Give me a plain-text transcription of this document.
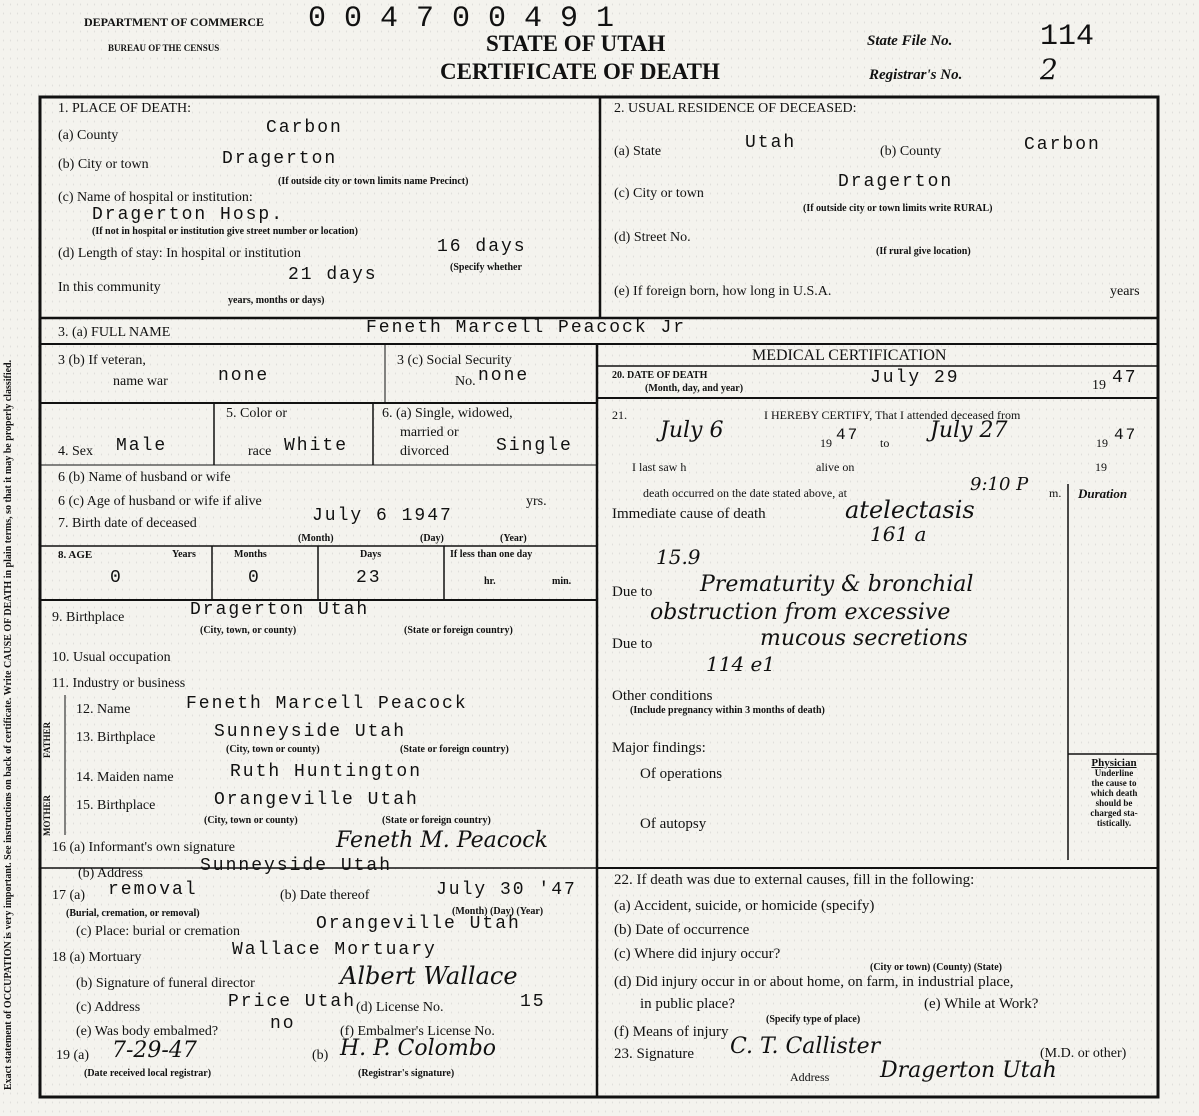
DEPARTMENT OF COMMERCE
BUREAU OF THE CENSUS
0 0 4 7 0 0 4 9 1
STATE OF UTAH
CERTIFICATE OF DEATH
State File No.	114
Registrar's No.	2
Exact statement of OCCUPATION is very important. See instructions on back of certificate. Write CAUSE OF DEATH in plain terms, so that it may be properly classified.
1. PLACE OF DEATH:
(a) County	Carbon
(b) City or town	Dragerton
(If outside city or town limits name Precinct)
(c) Name of hospital or institution:
Dragerton Hosp.
(If not in hospital or institution give street number or location)
(d) Length of stay: In hospital or institution	16 days
(Specify whether
In this community
21 days
years, months or days)
2. USUAL RESIDENCE OF DECEASED:
(a) State	Utah	(b) County	Carbon
(c) City or town
Dragerton
(If outside city or town limits write RURAL)
(d) Street No.
(If rural give location)
(e) If foreign born, how long in U.S.A.	years
3. (a) FULL NAME	Feneth Marcell Peacock Jr
3 (b) If veteran,
name war	none
3 (c) Social Security
No. none
MEDICAL CERTIFICATION
20. DATE OF DEATH
(Month, day, and year)
July 29	19 47
21.	I HEREBY CERTIFY, That I attended deceased from
July 6	19 47 to July 27	19 47
I last saw h	alive on	19
death occurred on the date stated above, at	9:10 P m. Duration
Immediate cause of death	atelectasis
161 a
15.9
Due to Prematurity & bronchial
obstruction from excessive
Due to	mucous secretions
114 e1
Other conditions
(Include pregnancy within 3 months of death)
Major findings:
Of operations
Of autopsy
Physician
Underline
the cause to
which death
should be
charged sta-
tistically.
4. Sex Male
5. Color or
race White
6. (a) Single, widowed,
married or
divorced	Single
6 (b) Name of husband or wife
6 (c) Age of husband or wife if alive	yrs.
7. Birth date of deceased	July 6 1947
(Month)	(Day)	(Year)
8. AGE	Years	Months	Days	If less than one day
0	0	23	hr.	min.
9. Birthplace	Dragerton Utah
(City, town, or county)	(State or foreign country)
10. Usual occupation
11. Industry or business
FATHER
MOTHER
12. Name	Feneth Marcell Peacock
13. Birthplace	Sunneyside Utah
(City, town or county)	(State or foreign country)
14. Maiden name	Ruth Huntington
15. Birthplace	Orangeville Utah
(City, town or county)	(State or foreign country)
16 (a) Informant's own signature	Feneth M. Peacock
(b) Address	Sunneyside Utah
17 (a) removal
(Burial, cremation, or removal)
(b) Date thereof	July 30 '47
(Month) (Day) (Year)
(c) Place: burial or cremation	Orangeville Utah
18 (a) Mortuary	Wallace Mortuary
(b) Signature of funeral director	Albert Wallace
(c) Address	Price Utah (d) License No.	15
(e) Was body embalmed?	no	(f) Embalmer's License No.
19 (a) 7-29-47
(Date received local registrar)
(b) H. P. Colombo
(Registrar's signature)
22. If death was due to external causes, fill in the following:
(a) Accident, suicide, or homicide (specify)
(b) Date of occurrence
(c) Where did injury occur?
(City or town) (County) (State)
(d) Did injury occur in or about home, on farm, in industrial place,
in public place?	(e) While at Work?
(Specify type of place)
(f) Means of injury
23. Signature C. T. Callister	(M.D. or other)
Address Dragerton Utah
